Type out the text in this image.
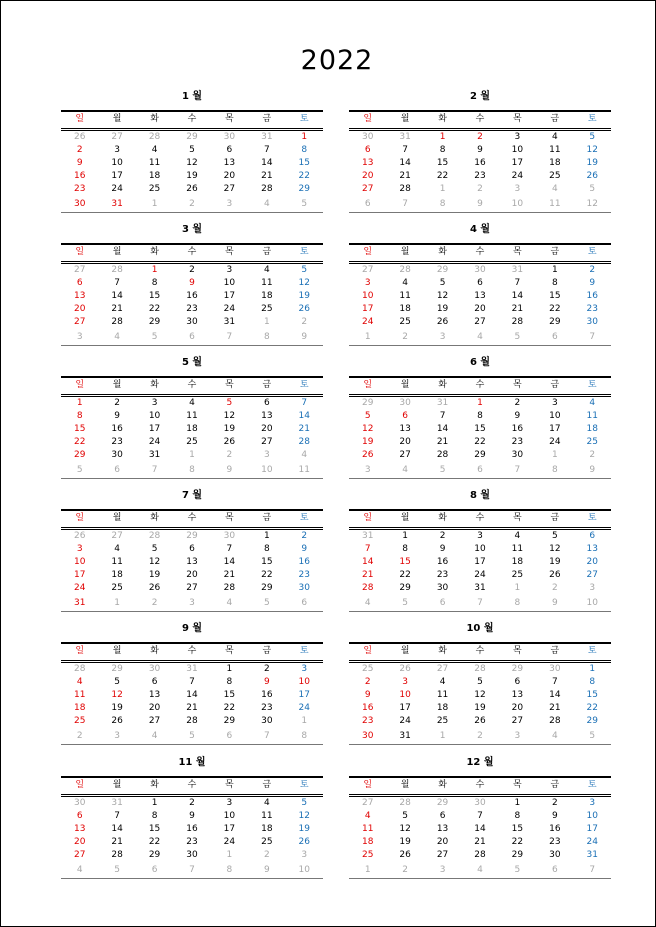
2022
1 월
일	월	화	수	목	금	토
26	27	28	29	30	31	1
2	3	4	5	6	7	8
9	10	11	12	13	14	15
16	17	18	19	20	21	22
23	24	25	26	27	28	29
30	31	1	2	3	4	5
2 월
일	월	화	수	목	금	토
30	31	1	2	3	4	5
6	7	8	9	10	11	12
13	14	15	16	17	18	19
20	21	22	23	24	25	26
27	28	1	2	3	4	5
6	7	8	9	10	11	12
3 월
일	월	화	수	목	금	토
27	28	1	2	3	4	5
6	7	8	9	10	11	12
13	14	15	16	17	18	19
20	21	22	23	24	25	26
27	28	29	30	31	1	2
3	4	5	6	7	8	9
4 월
일	월	화	수	목	금	토
27	28	29	30	31	1	2
3	4	5	6	7	8	9
10	11	12	13	14	15	16
17	18	19	20	21	22	23
24	25	26	27	28	29	30
1	2	3	4	5	6	7
5 월
일	월	화	수	목	금	토
1	2	3	4	5	6	7
8	9	10	11	12	13	14
15	16	17	18	19	20	21
22	23	24	25	26	27	28
29	30	31	1	2	3	4
5	6	7	8	9	10	11
6 월
일	월	화	수	목	금	토
29	30	31	1	2	3	4
5	6	7	8	9	10	11
12	13	14	15	16	17	18
19	20	21	22	23	24	25
26	27	28	29	30	1	2
3	4	5	6	7	8	9
7 월
일	월	화	수	목	금	토
26	27	28	29	30	1	2
3	4	5	6	7	8	9
10	11	12	13	14	15	16
17	18	19	20	21	22	23
24	25	26	27	28	29	30
31	1	2	3	4	5	6
8 월
일	월	화	수	목	금	토
31	1	2	3	4	5	6
7	8	9	10	11	12	13
14	15	16	17	18	19	20
21	22	23	24	25	26	27
28	29	30	31	1	2	3
4	5	6	7	8	9	10
9 월
일	월	화	수	목	금	토
28	29	30	31	1	2	3
4	5	6	7	8	9	10
11	12	13	14	15	16	17
18	19	20	21	22	23	24
25	26	27	28	29	30	1
2	3	4	5	6	7	8
10 월
일	월	화	수	목	금	토
25	26	27	28	29	30	1
2	3	4	5	6	7	8
9	10	11	12	13	14	15
16	17	18	19	20	21	22
23	24	25	26	27	28	29
30	31	1	2	3	4	5
11 월
일	월	화	수	목	금	토
30	31	1	2	3	4	5
6	7	8	9	10	11	12
13	14	15	16	17	18	19
20	21	22	23	24	25	26
27	28	29	30	1	2	3
4	5	6	7	8	9	10
12 월
일	월	화	수	목	금	토
27	28	29	30	1	2	3
4	5	6	7	8	9	10
11	12	13	14	15	16	17
18	19	20	21	22	23	24
25	26	27	28	29	30	31
1	2	3	4	5	6	7
